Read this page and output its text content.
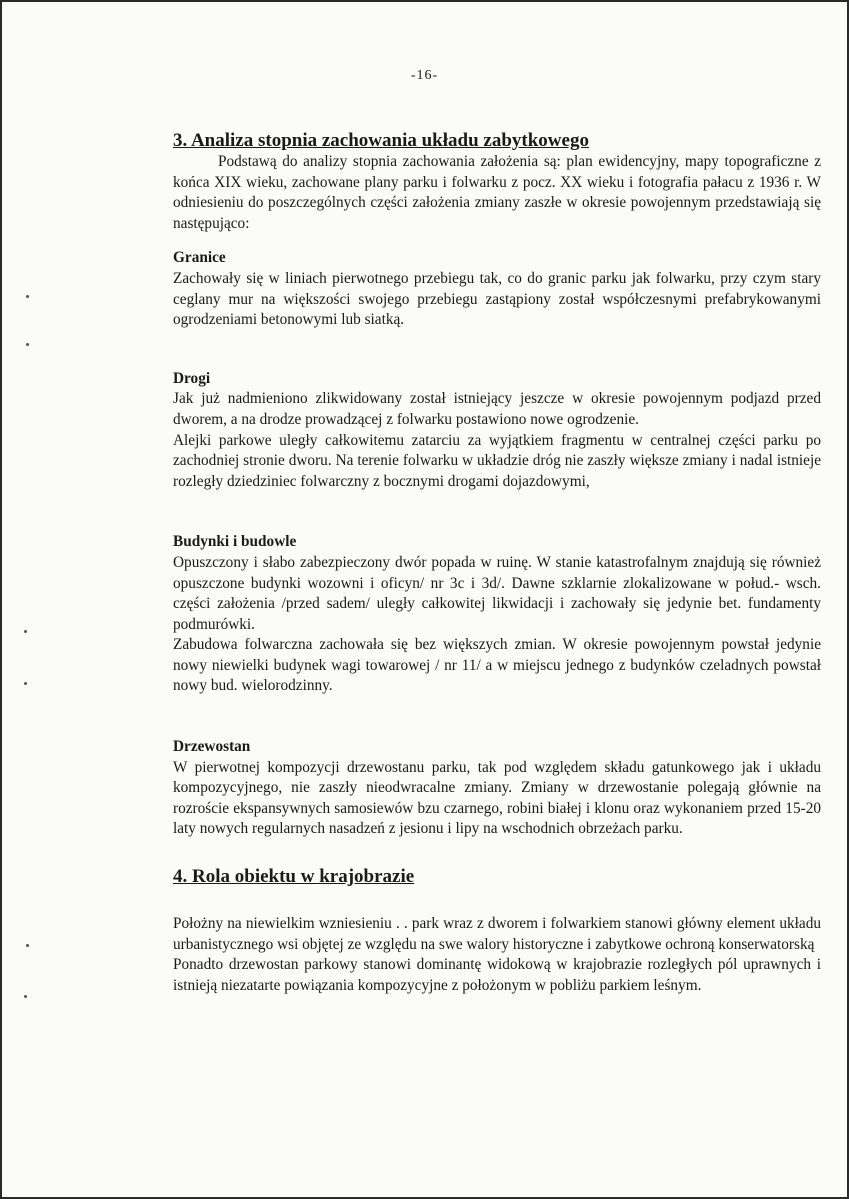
-16-
3. Analiza stopnia zachowania układu zabytkowego

Podstawą do analizy stopnia zachowania założenia są: plan ewidencyjny, mapy topograficzne z końca XIX wieku, zachowane plany parku i folwarku z pocz. XX wieku i fotografia pałacu z 1936 r. W odniesieniu do poszczególnych części założenia zmiany zaszłe w okresie powojennym przedstawiają się następująco:

Granice

Zachowały się w liniach pierwotnego przebiegu tak, co do granic parku jak folwarku, przy czym stary ceglany mur na większości swojego przebiegu zastąpiony został współczesnymi prefabrykowanymi ogrodzeniami betonowymi lub siatką.

Drogi

Jak już nadmieniono zlikwidowany został istniejący jeszcze w okresie powojennym podjazd przed dworem, a na drodze prowadzącej z folwarku postawiono nowe ogrodzenie.

Alejki parkowe uległy całkowitemu zatarciu za wyjątkiem fragmentu w centralnej części parku po zachodniej stronie dworu. Na terenie folwarku w układzie dróg nie zaszły większe zmiany i nadal istnieje rozległy dziedziniec folwarczny z bocznymi drogami dojazdowymi,

Budynki i budowle

Opuszczony i słabo zabezpieczony dwór popada w ruinę. W stanie katastrofalnym znajdują się również opuszczone budynki wozowni i oficyn/ nr 3c i 3d/. Dawne szklarnie zlokalizowane w połud.- wsch. części założenia /przed sadem/ uległy całkowitej likwidacji i zachowały się jedynie bet. fundamenty podmurówki.

Zabudowa folwarczna zachowała się bez większych zmian. W okresie powojennym powstał jedynie nowy niewielki budynek wagi towarowej / nr 11/ a w miejscu jednego z budynków czeladnych powstał nowy bud. wielorodzinny.

Drzewostan

W pierwotnej kompozycji drzewostanu parku, tak pod względem składu gatunkowego jak i układu kompozycyjnego, nie zaszły nieodwracalne zmiany. Zmiany w drzewostanie polegają głównie na rozroście ekspansywnych samosiewów bzu czarnego, robini białej i klonu oraz wykonaniem przed 15-20 laty nowych regularnych nasadzeń z jesionu i lipy na wschodnich obrzeżach parku.

4. Rola obiektu w krajobrazie

Położny na niewielkim wzniesieniu . . park wraz z dworem i folwarkiem stanowi główny element układu urbanistycznego wsi objętej ze względu na swe walory historyczne i zabytkowe ochroną konserwatorską

Ponadto drzewostan parkowy stanowi dominantę widokową w krajobrazie rozległych pól uprawnych i istnieją niezatarte powiązania kompozycyjne z położonym w pobliżu parkiem leśnym.
